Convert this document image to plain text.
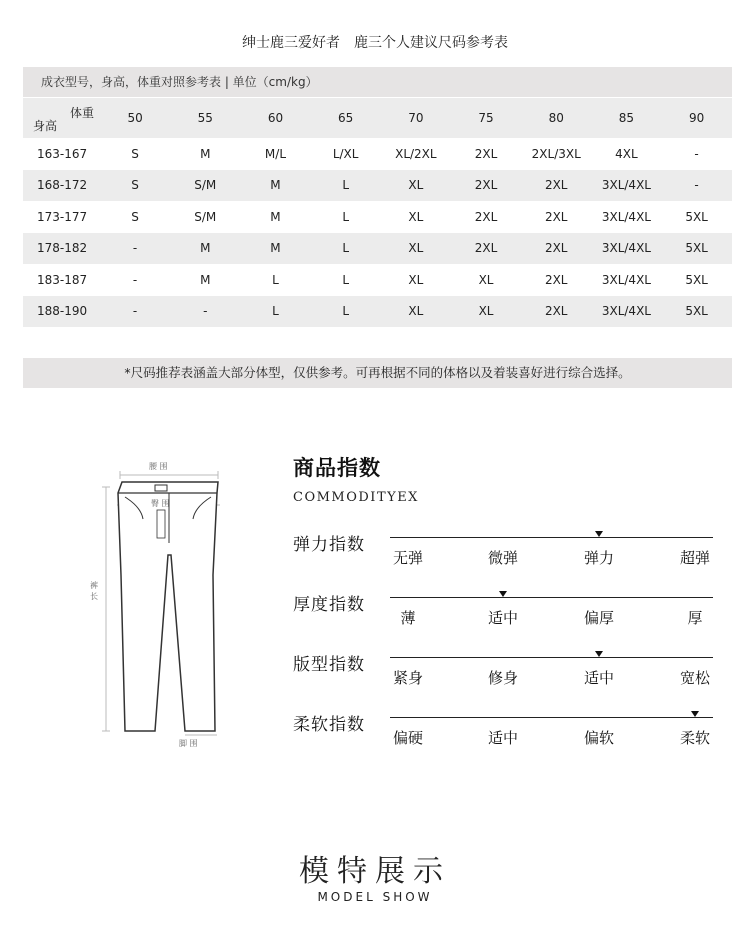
绅士鹿三爱好者　鹿三个人建议尺码参考表
成衣型号，身高，体重对照参考表 | 单位（cm/kg）
体重
身高
50	55	60	65	70	75	80	85	90
163-167	S	M	M/L	L/XL	XL/2XL	2XL	2XL/3XL	4XL	-
168-172	S	S/M	M	L	XL	2XL	2XL	3XL/4XL	-
173-177	S	S/M	M	L	XL	2XL	2XL	3XL/4XL	5XL
178-182	-	M	M	L	XL	2XL	2XL	3XL/4XL	5XL
183-187	-	M	L	L	XL	XL	2XL	3XL/4XL	5XL
188-190	-	-	L	L	XL	XL	2XL	3XL/4XL	5XL
*尺码推荐表涵盖大部分体型，仅供参考。可再根据不同的体格以及着装喜好进行综合选择。
腰 围
臀 围
裤 长
脚 围
商品指数
COMMODITYEX
弹力指数
无弹	微弹	弹力	超弹
厚度指数
薄	适中	偏厚	厚
版型指数
紧身	修身	适中	宽松
柔软指数
偏硬	适中	偏软	柔软
模特展示
MODEL SHOW
